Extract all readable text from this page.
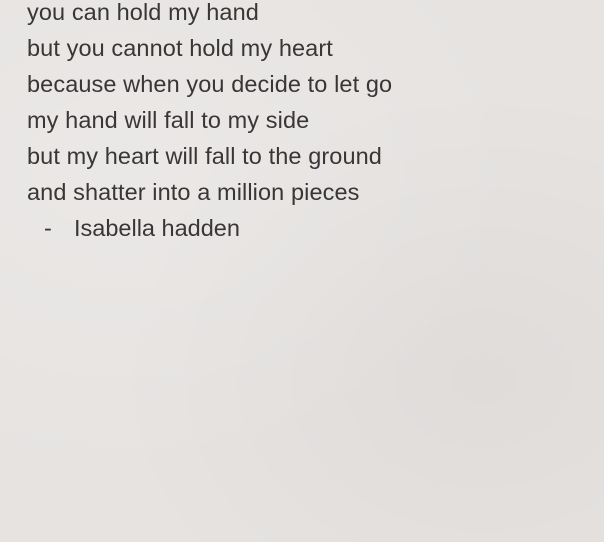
you can hold my hand
but you cannot hold my heart
because when you decide to let go
my hand will fall to my side
but my heart will fall to the ground
and shatter into a million pieces
- Isabella hadden
